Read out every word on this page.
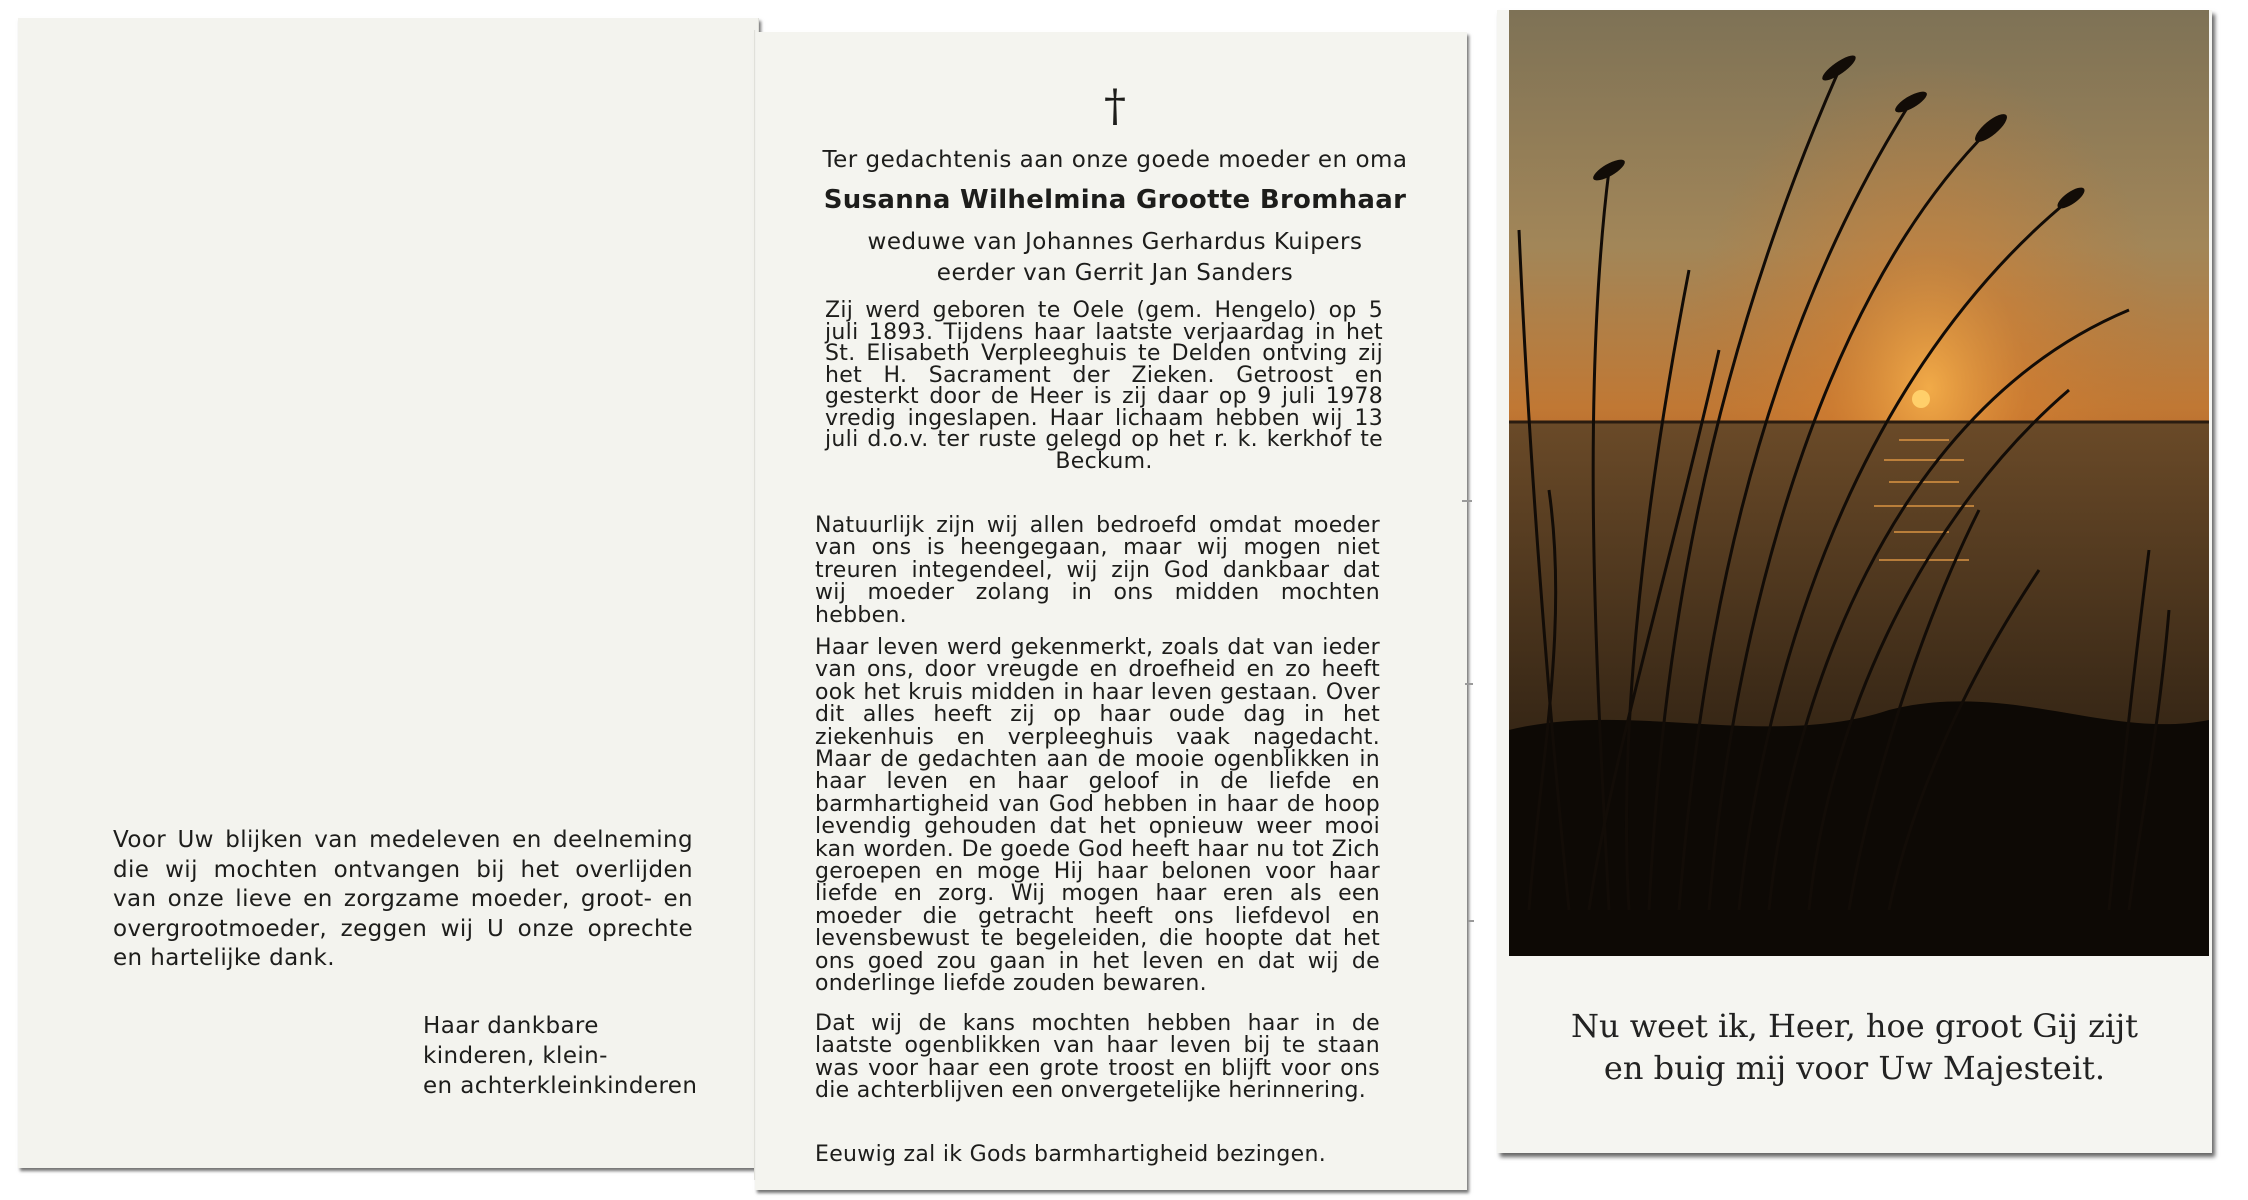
Voor Uw blijken van medeleven en deelneming die wij mochten ontvangen bij het overlijden van onze lieve en zorgzame moeder, groot- en overgrootmoeder, zeggen wij U onze oprechte en hartelijke dank.
Haar dankbare
kinderen, klein-
en achterkleinkinderen
†
Ter gedachtenis aan onze goede moeder en oma
Susanna Wilhelmina Grootte Bromhaar
weduwe van Johannes Gerhardus Kuipers
eerder van Gerrit Jan Sanders
Zij werd geboren te Oele (gem. Hengelo) op 5 juli 1893. Tijdens haar laatste verjaardag in het St. Elisabeth Verpleeghuis te Delden ontving zij het H. Sacrament der Zieken. Getroost en gesterkt door de Heer is zij daar op 9 juli 1978 vredig ingeslapen. Haar lichaam hebben wij 13 juli d.o.v. ter ruste gelegd op het r. k. kerkhof te Beckum.
Natuurlijk zijn wij allen bedroefd omdat moeder van ons is heengegaan, maar wij mogen niet treuren integendeel, wij zijn God dankbaar dat wij moeder zolang in ons midden mochten hebben.
Haar leven werd gekenmerkt, zoals dat van ieder van ons, door vreugde en droefheid en zo heeft ook het kruis midden in haar leven gestaan. Over dit alles heeft zij op haar oude dag in het ziekenhuis en verpleeghuis vaak nagedacht. Maar de gedachten aan de mooie ogenblikken in haar leven en haar geloof in de liefde en barmhartigheid van God hebben in haar de hoop levendig gehouden dat het opnieuw weer mooi kan worden. De goede God heeft haar nu tot Zich geroepen en moge Hij haar belonen voor haar liefde en zorg. Wij mogen haar eren als een moeder die getracht heeft ons liefdevol en levensbewust te begeleiden, die hoopte dat het ons goed zou gaan in het leven en dat wij de onderlinge liefde zouden bewaren.
Dat wij de kans mochten hebben haar in de laatste ogenblikken van haar leven bij te staan was voor haar een grote troost en blijft voor ons die achterblijven een onvergetelijke herinnering.
Eeuwig zal ik Gods barmhartigheid bezingen.
Nu weet ik, Heer, hoe groot Gij zijt
en buig mij voor Uw Majesteit.
